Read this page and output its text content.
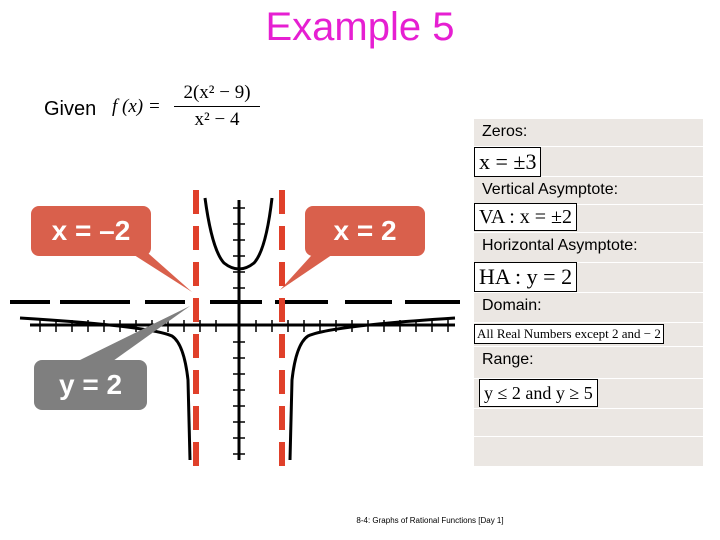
Example 5
Given f $(x) = \frac{\text{2(x² − 9)}}{\text{x² − 4}}$
x = –2	x = 2
y = 2
Zeros:
Vertical Asymptote:
Horizontal Asymptote:
Domain:
Range:
x = ±3
VA : x = ±2
HA : y = 2
All Real Numbers except 2 and − 2
y ≤ 2 and y ≥ 5
8-4: Graphs of Rational Functions [Day 1]
